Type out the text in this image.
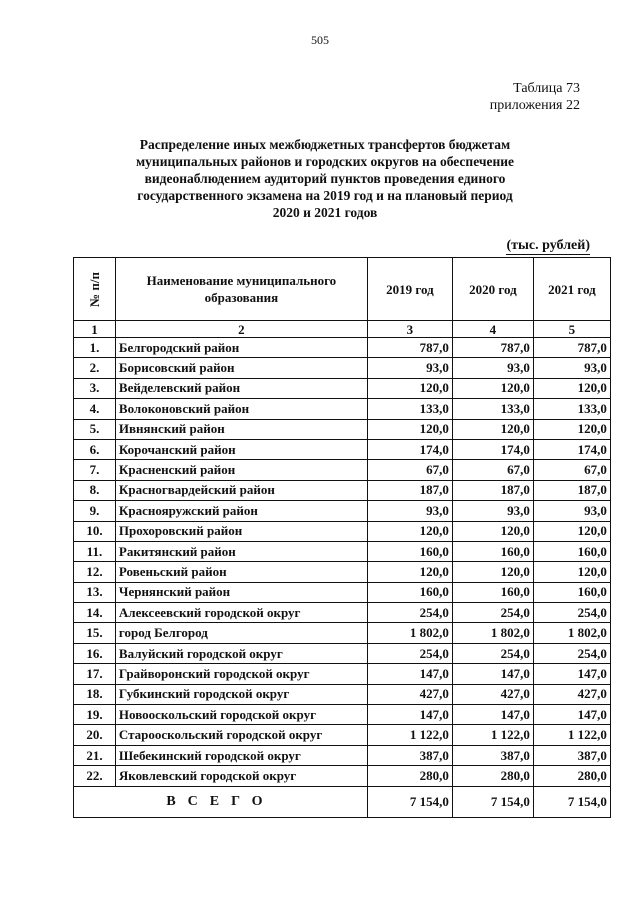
505
Таблица 73
приложения 22
Распределение иных межбюджетных трансфертов бюджетам
муниципальных районов и городских округов на обеспечение
видеонаблюдением аудиторий пунктов проведения единого
государственного экзамена на 2019 год и на плановый период
2020 и 2021 годов
(тыс. рублей)
№ п/п	Наименование муниципального образования	2019 год	2020 год	2021 год
1	2	3	4	5
1.	Белгородский район	787,0	787,0	787,0
2.	Борисовский район	93,0	93,0	93,0
3.	Вейделевский район	120,0	120,0	120,0
4.	Волоконовский район	133,0	133,0	133,0
5.	Ивнянский район	120,0	120,0	120,0
6.	Корочанский район	174,0	174,0	174,0
7.	Красненский район	67,0	67,0	67,0
8.	Красногвардейский район	187,0	187,0	187,0
9.	Краснояружский район	93,0	93,0	93,0
10.	Прохоровский район	120,0	120,0	120,0
11.	Ракитянский район	160,0	160,0	160,0
12.	Ровеньский район	120,0	120,0	120,0
13.	Чернянский район	160,0	160,0	160,0
14.	Алексеевский городской округ	254,0	254,0	254,0
15.	город Белгород	1 802,0	1 802,0	1 802,0
16.	Валуйский городской округ	254,0	254,0	254,0
17.	Грайворонский городской округ	147,0	147,0	147,0
18.	Губкинский городской округ	427,0	427,0	427,0
19.	Новооскольский городской округ	147,0	147,0	147,0
20.	Старооскольский городской округ	1 122,0	1 122,0	1 122,0
21.	Шебекинский городской округ	387,0	387,0	387,0
22.	Яковлевский городской округ	280,0	280,0	280,0
ВСЕГО		7 154,0	7 154,0	7 154,0
